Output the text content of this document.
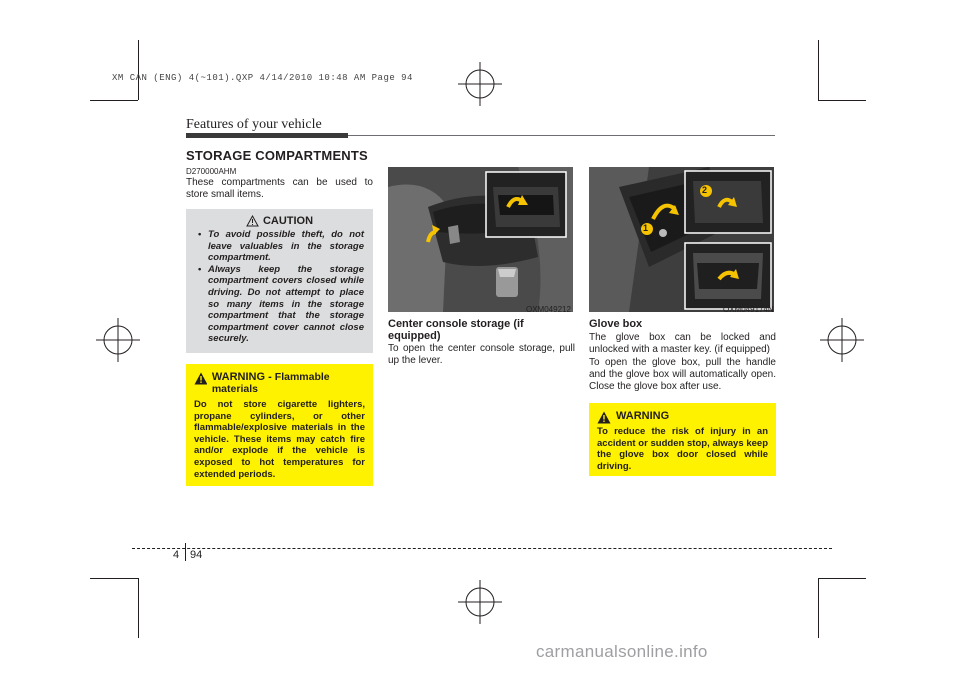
XM CAN (ENG) 4(~101).QXP 4/14/2010 10:48 AM Page 94
Features of your vehicle
STORAGE COMPARTMENTS
D270000AHM
These compartments can be used to store small items.
CAUTION
• To avoid possible theft, do not leave valuables in the storage compartment.
• Always keep the storage compartment covers closed while driving. Do not attempt to place so many items in the storage compartment that the storage compartment cover cannot close securely.
WARNING - Flammable materials
Do not store cigarette lighters, propane cylinders, or other flammable/explosive materials in the vehicle. These items may catch fire and/or explode if the vehicle is exposed to hot temperatures for extended periods.
OXM049212
Center console storage (if equipped)
To open the center console storage, pull up the lever.
1
2
OXM049174N
Glove box
The glove box can be locked and unlocked with a master key. (if equipped)
To open the glove box, pull the handle and the glove box will automatically open. Close the glove box after use.
WARNING
To reduce the risk of injury in an accident or sudden stop, always keep the glove box door closed while driving.
4 94
carmanualsonline.info
